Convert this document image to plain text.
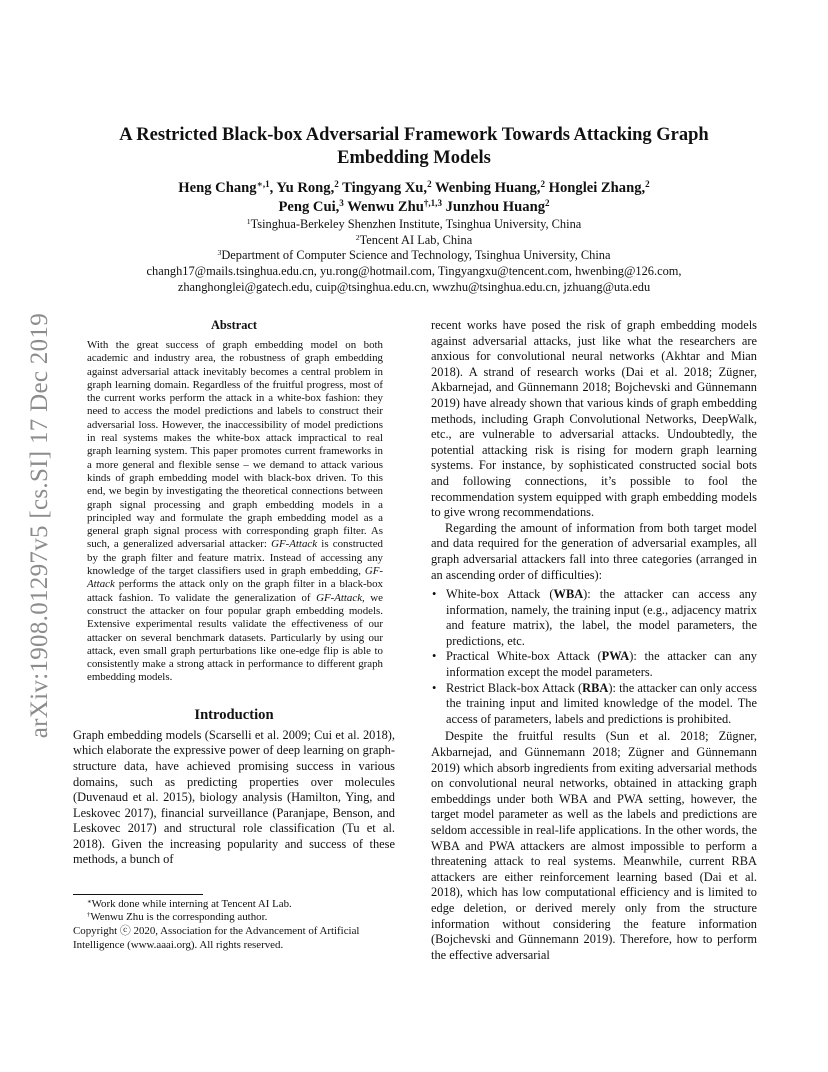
arXiv:1908.01297v5 [cs.SI] 17 Dec 2019
A Restricted Black-box Adversarial Framework Towards Attacking Graph
Embedding Models
Heng Chang$^{∗,1}$, Yu Rong,$^2$ Tingyang Xu,$^2$ Wenbing Huang,$^2$ Honglei Zhang,$^2$
Peng Cui,$^3$ Wenwu Zhu$^{\dagger,1,3}$ Junzhou Huang$^2$
$^1$Tsinghua-Berkeley Shenzhen Institute, Tsinghua University, China
$^2$Tencent AI Lab, China
$^3$Department of Computer Science and Technology, Tsinghua University, China
changh17@mails.tsinghua.edu.cn, yu.rong@hotmail.com, Tingyangxu@tencent.com, hwenbing@126.com,
zhanghonglei@gatech.edu, cuip@tsinghua.edu.cn, wwzhu@tsinghua.edu.cn, jzhuang@uta.edu
Abstract

With the great success of graph embedding model on both academic and industry area, the robustness of graph embedding against adversarial attack inevitably becomes a central problem in graph learning domain. Regardless of the fruitful progress, most of the current works perform the attack in a white-box fashion: they need to access the model predictions and labels to construct their adversarial loss. However, the inaccessibility of model predictions in real systems makes the white-box attack impractical to real graph learning system. This paper promotes current frameworks in a more general and flexible sense – we demand to attack various kinds of graph embedding model with black-box driven. To this end, we begin by investigating the theoretical connections between graph signal processing and graph embedding models in a principled way and formulate the graph embedding model as a general graph signal process with corresponding graph filter. As such, a generalized adversarial attacker: GF-Attack is constructed by the graph filter and feature matrix. Instead of accessing any knowledge of the target classifiers used in graph embedding, GF-Attack performs the attack only on the graph filter in a black-box attack fashion. To validate the generalization of GF-Attack, we construct the attacker on four popular graph embedding models. Extensive experimental results validate the effectiveness of our attacker on several benchmark datasets. Particularly by using our attack, even small graph perturbations like one-edge flip is able to consistently make a strong attack in performance to different graph embedding models.

Introduction

Graph embedding models (Scarselli et al. 2009; Cui et al. 2018), which elaborate the expressive power of deep learning on graph-structure data, have achieved promising success in various domains, such as predicting properties over molecules (Duvenaud et al. 2015), biology analysis (Hamilton, Ying, and Leskovec 2017), financial surveillance (Paranjape, Benson, and Leskovec 2017) and structural role classification (Tu et al. 2018). Given the increasing popularity and success of these methods, a bunch of

∗Work done while interning at Tencent AI Lab.

†Wenwu Zhu is the corresponding author.

Copyright ⓒ 2020, Association for the Advancement of Artificial Intelligence (www.aaai.org). All rights reserved.

recent works have posed the risk of graph embedding models against adversarial attacks, just like what the researchers are anxious for convolutional neural networks (Akhtar and Mian 2018). A strand of research works (Dai et al. 2018; Zügner, Akbarnejad, and Günnemann 2018; Bojchevski and Günnemann 2019) have already shown that various kinds of graph embedding methods, including Graph Convolutional Networks, DeepWalk, etc., are vulnerable to adversarial attacks. Undoubtedly, the potential attacking risk is rising for modern graph learning systems. For instance, by sophisticated constructed social bots and following connections, it’s possible to fool the recommendation system equipped with graph embedding models to give wrong recommendations.

Regarding the amount of information from both target model and data required for the generation of adversarial examples, all graph adversarial attackers fall into three categories (arranged in an ascending order of difficulties):

• White-box Attack (WBA): the attacker can access any information, namely, the training input (e.g., adjacency matrix and feature matrix), the label, the model parameters, the predictions, etc.
• Practical White-box Attack (PWA): the attacker can any information except the model parameters.
• Restrict Black-box Attack (RBA): the attacker can only access the training input and limited knowledge of the model. The access of parameters, labels and predictions is prohibited.

Despite the fruitful results (Sun et al. 2018; Zügner, Akbarnejad, and Günnemann 2018; Zügner and Günnemann 2019) which absorb ingredients from exiting adversarial methods on convolutional neural networks, obtained in attacking graph embeddings under both WBA and PWA setting, however, the target model parameter as well as the labels and predictions are seldom accessible in real-life applications. In the other words, the WBA and PWA attackers are almost impossible to perform a threatening attack to real systems. Meanwhile, current RBA attackers are either reinforcement learning based (Dai et al. 2018), which has low computational efficiency and is limited to edge deletion, or derived merely only from the structure information without considering the feature information (Bojchevski and Günnemann 2019). Therefore, how to perform the effective adversarial
